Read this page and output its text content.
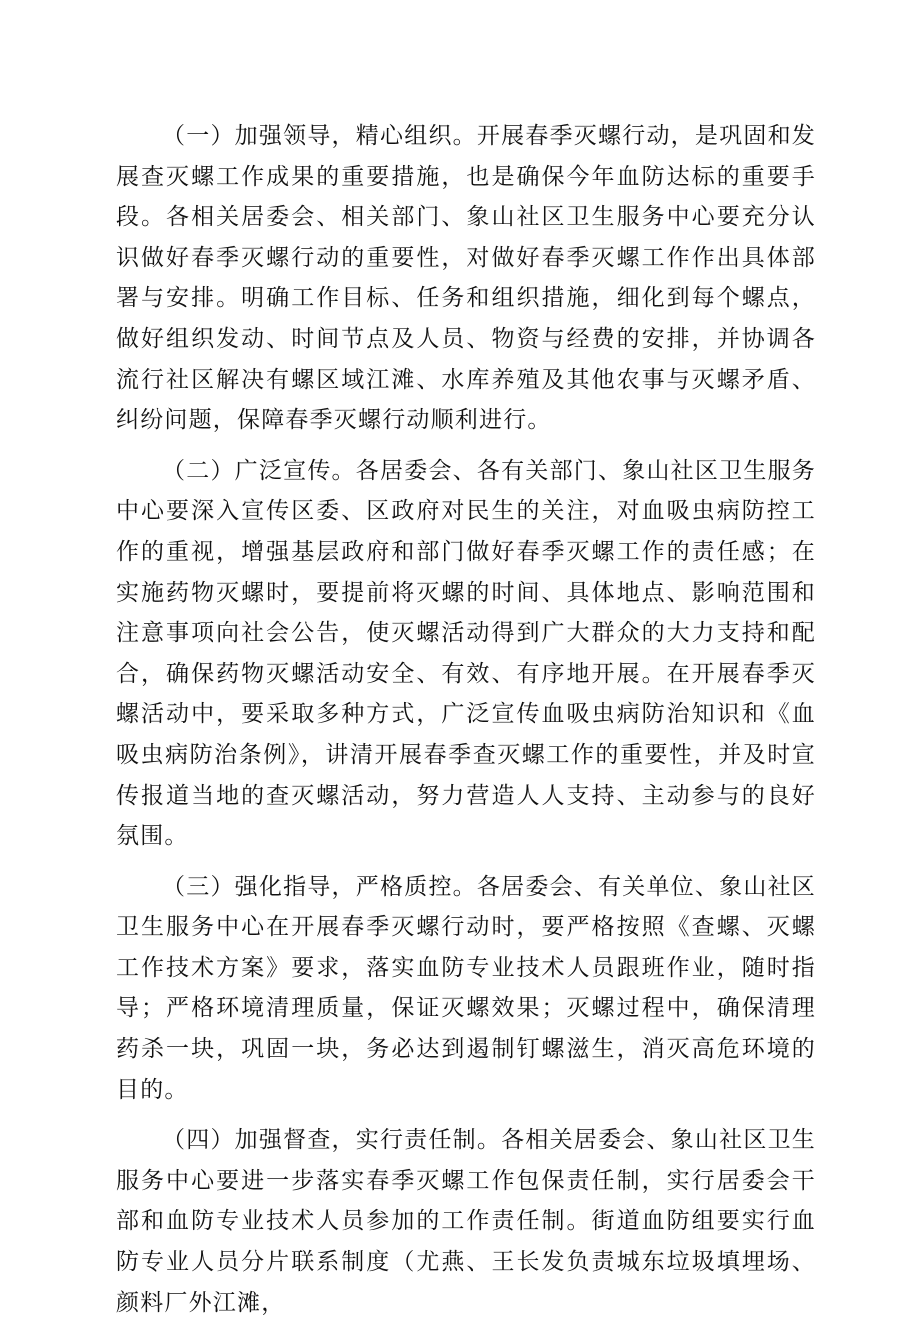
（一）加强领导，精心组织。开展春季灭螺行动，是巩固和发展查灭螺工作成果的重要措施，也是确保今年血防达标的重要手段。各相关居委会、相关部门、象山社区卫生服务中心要充分认识做好春季灭螺行动的重要性，对做好春季灭螺工作作出具体部署与安排。明确工作目标、任务和组织措施，细化到每个螺点，做好组织发动、时间节点及人员、物资与经费的安排，并协调各流行社区解决有螺区域江滩、水库养殖及其他农事与灭螺矛盾、纠纷问题，保障春季灭螺行动顺利进行。

（二）广泛宣传。各居委会、各有关部门、象山社区卫生服务中心要深入宣传区委、区政府对民生的关注，对血吸虫病防控工作的重视，增强基层政府和部门做好春季灭螺工作的责任感；在实施药物灭螺时，要提前将灭螺的时间、具体地点、影响范围和注意事项向社会公告，使灭螺活动得到广大群众的大力支持和配合，确保药物灭螺活动安全、有效、有序地开展。在开展春季灭螺活动中，要采取多种方式，广泛宣传血吸虫病防治知识和《血吸虫病防治条例》，讲清开展春季查灭螺工作的重要性，并及时宣传报道当地的查灭螺活动，努力营造人人支持、主动参与的良好氛围。

（三）强化指导，严格质控。各居委会、有关单位、象山社区卫生服务中心在开展春季灭螺行动时，要严格按照《查螺、灭螺工作技术方案》要求，落实血防专业技术人员跟班作业，随时指导；严格环境清理质量，保证灭螺效果；灭螺过程中，确保清理药杀一块，巩固一块，务必达到遏制钉螺滋生，消灭高危环境的目的。

（四）加强督查，实行责任制。各相关居委会、象山社区卫生服务中心要进一步落实春季灭螺工作包保责任制，实行居委会干部和血防专业技术人员参加的工作责任制。街道血防组要实行血防专业人员分片联系制度（尤燕、王长发负责城东垃圾填埋场、颜料厂外江滩，
